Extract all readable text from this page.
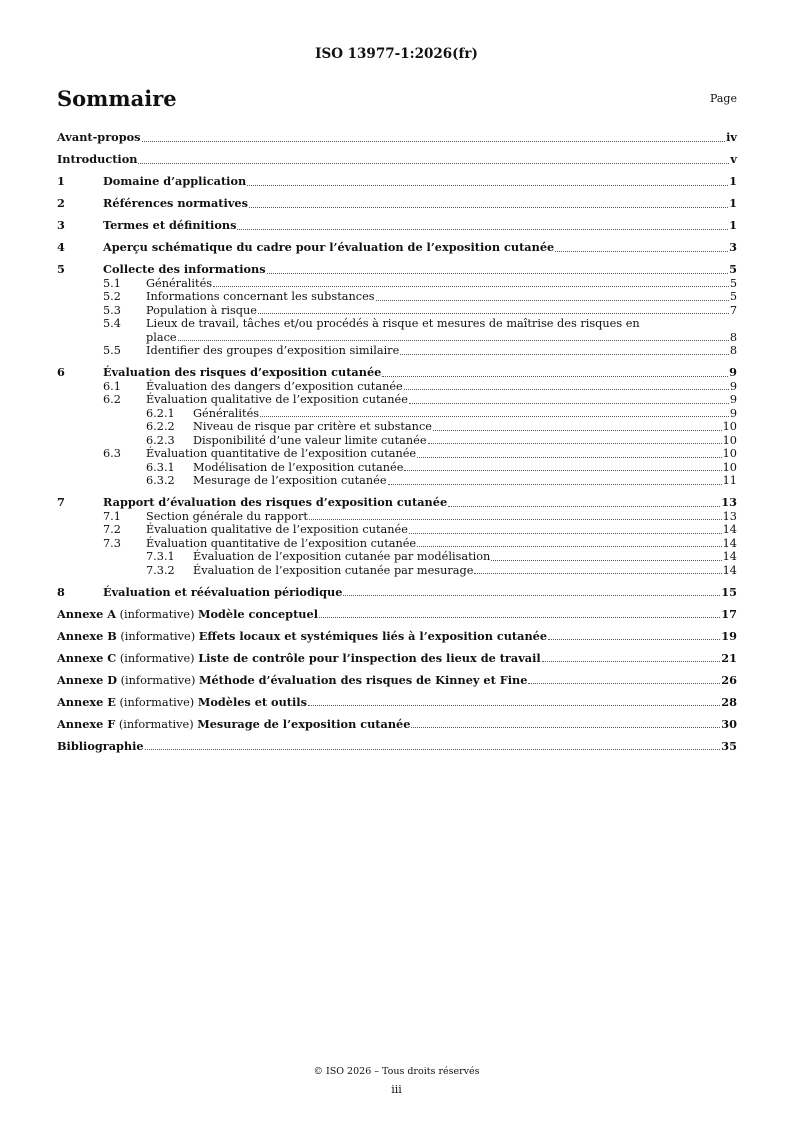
ISO 13977-1:2026(fr)
Sommaire	Page
Avant-propos	iv
Introduction	v
1	Domaine d’application	1
2	Références normatives	1
3	Termes et définitions	1
4	Aperçu schématique du cadre pour l’évaluation de l’exposition cutanée	3
5	Collecte des informations	5
5.1	Généralités	5
5.2	Informations concernant les substances	5
5.3	Population à risque	7
5.4	Lieux de travail, tâches et/ou procédés à risque et mesures de maîtrise des risques en
place	8
5.5	Identifier des groupes d’exposition similaire	8
6	Évaluation des risques d’exposition cutanée	9
6.1	Évaluation des dangers d’exposition cutanée	9
6.2	Évaluation qualitative de l’exposition cutanée	9
6.2.1	Généralités	9
6.2.2	Niveau de risque par critère et substance	10
6.2.3	Disponibilité d’une valeur limite cutanée	10
6.3	Évaluation quantitative de l’exposition cutanée	10
6.3.1	Modélisation de l’exposition cutanée	10
6.3.2	Mesurage de l’exposition cutanée	11
7	Rapport d’évaluation des risques d’exposition cutanée	13
7.1	Section générale du rapport	13
7.2	Évaluation qualitative de l’exposition cutanée	14
7.3	Évaluation quantitative de l’exposition cutanée	14
7.3.1	Évaluation de l’exposition cutanée par modélisation	14
7.3.2	Évaluation de l’exposition cutanée par mesurage	14
8	Évaluation et réévaluation périodique	15
Annexe A (informative) Modèle conceptuel	17
Annexe B (informative) Effets locaux et systémiques liés à l’exposition cutanée	19
Annexe C (informative) Liste de contrôle pour l’inspection des lieux de travail	21
Annexe D (informative) Méthode d’évaluation des risques de Kinney et Fine	26
Annexe E (informative) Modèles et outils	28
Annexe F (informative) Mesurage de l’exposition cutanée	30
Bibliographie	35
© ISO 2026 – Tous droits réservés
iii
